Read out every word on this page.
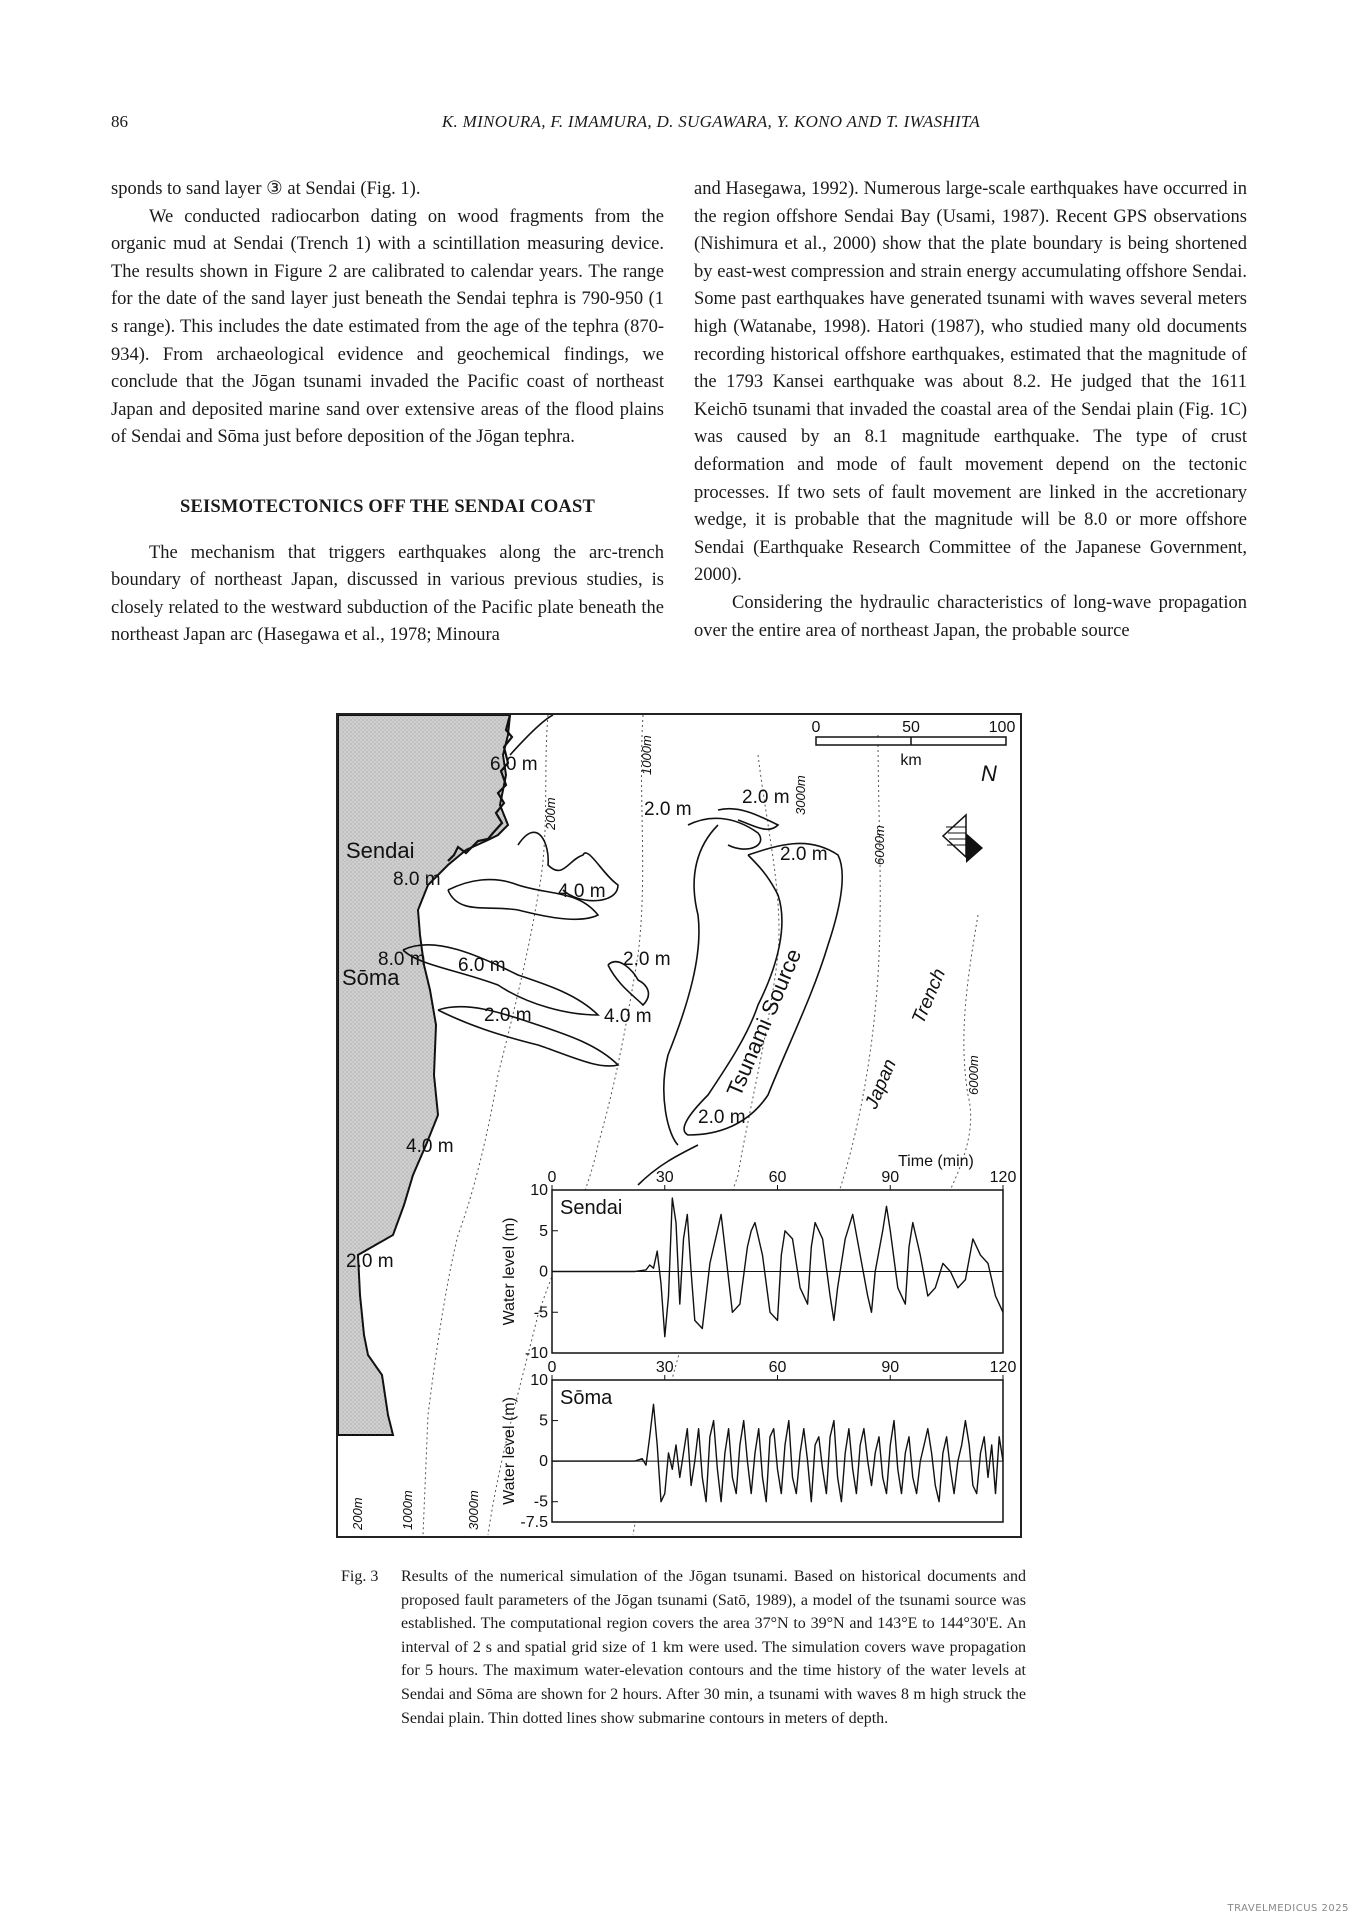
86	K. MINOURA, F. IMAMURA, D. SUGAWARA, Y. KONO AND T. IWASHITA

sponds to sand layer ③ at Sendai (Fig. 1).

We conducted radiocarbon dating on wood fragments from the organic mud at Sendai (Trench 1) with a scintillation measuring device. The results shown in Figure 2 are calibrated to calendar years. The range for the date of the sand layer just beneath the Sendai tephra is 790-950 (1 s range). This includes the date estimated from the age of the tephra (870-934). From archaeological evidence and geochemical findings, we conclude that the Jōgan tsunami invaded the Pacific coast of northeast Japan and deposited marine sand over extensive areas of the flood plains of Sendai and Sōma just before deposition of the Jōgan tephra.

SEISMOTECTONICS OFF THE SENDAI COAST

The mechanism that triggers earthquakes along the arc-trench boundary of northeast Japan, discussed in various previous studies, is closely related to the westward subduction of the Pacific plate beneath the northeast Japan arc (Hasegawa et al., 1978; Minoura

and Hasegawa, 1992). Numerous large-scale earthquakes have occurred in the region offshore Sendai Bay (Usami, 1987). Recent GPS observations (Nishimura et al., 2000) show that the plate boundary is being shortened by east-west compression and strain energy accumulating offshore Sendai. Some past earthquakes have generated tsunami with waves several meters high (Watanabe, 1998). Hatori (1987), who studied many old documents recording historical offshore earthquakes, estimated that the magnitude of the 1793 Kansei earthquake was about 8.2. He judged that the 1611 Keichō tsunami that invaded the coastal area of the Sendai plain (Fig. 1C) was caused by an 8.1 magnitude earthquake. The type of crust deformation and mode of fault movement depend on the tectonic processes. If two sets of fault movement are linked in the accretionary wedge, it is probable that the magnitude will be 8.0 or more offshore Sendai (Earthquake Research Committee of the Japanese Government, 2000).

Considering the hydraulic characteristics of long-wave propagation over the entire area of northeast Japan, the probable source

0	50	100
km
N
Sendai
Sōma	Tsunami Source	Japan
Trench
6.0 m
8.0 m
4.0 m
2.0 m
2.0 m
2.0 m
8.0 m 6.0 m	2.0 m
2.0 m	4.0 m
2.0 m
4.0 m
2.0 m
1000m
200m	3000m
6000m
6000m
200m	1000m	3000m
Time (min)
0	30	60	90	120
10
5
0
-5
-10
Water level (m)
Sendai
0	30	60	90	120
10
5
0
-5
-7.5
Water level (m) Sōma
Fig. 3 Results of the numerical simulation of the Jōgan tsunami. Based on historical documents and proposed fault parameters of the Jōgan tsunami (Satō, 1989), a model of the tsunami source was established. The computational region covers the area 37°N to 39°N and 143°E to 144°30'E. An interval of 2 s and spatial grid size of 1 km were used. The simulation covers wave propagation for 5 hours. The maximum water-elevation contours and the time history of the water levels at Sendai and Sōma are shown for 2 hours. After 30 min, a tsunami with waves 8 m high struck the Sendai plain. Thin dotted lines show submarine contours in meters of depth.
TRAVELMEDICUS 2025
